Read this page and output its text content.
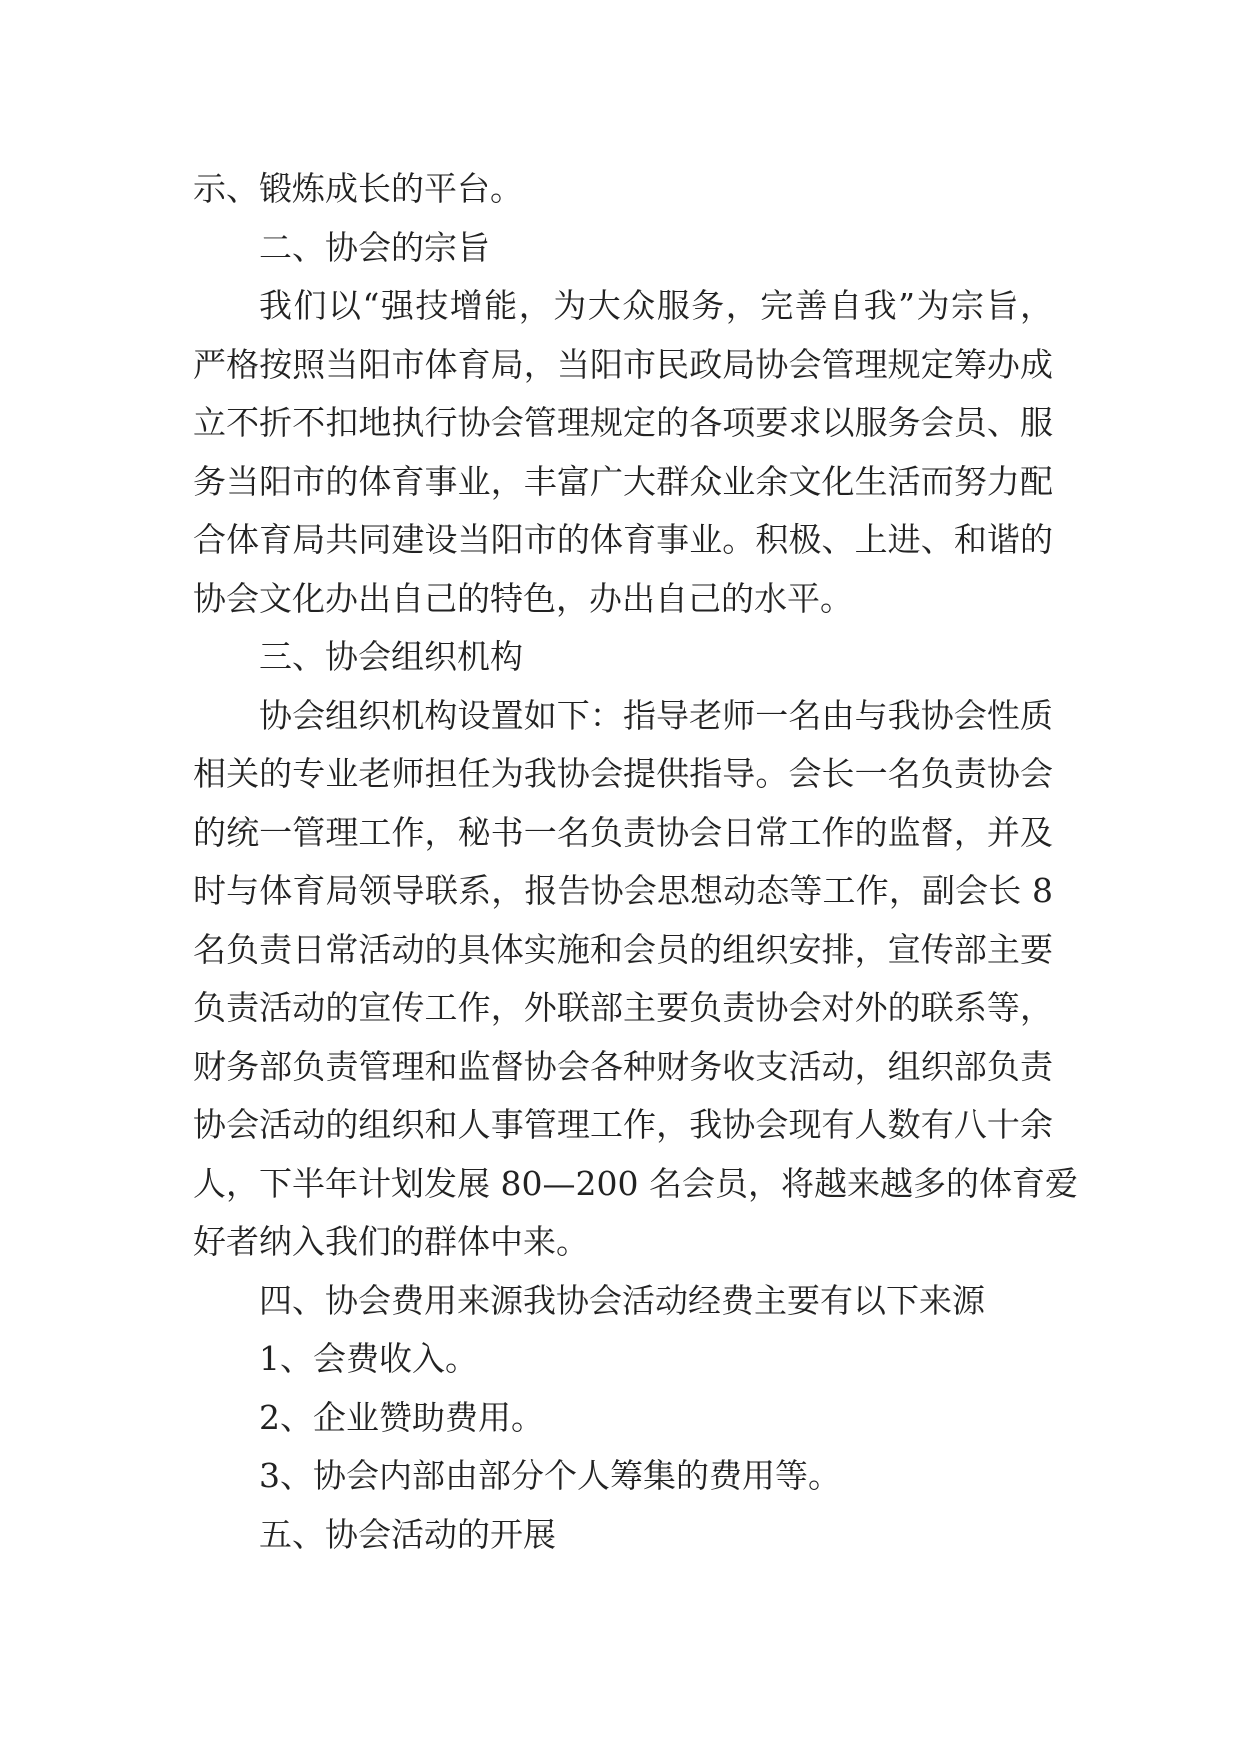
示、锻炼成长的平台。
二、协会的宗旨
我们以“强技增能，为大众服务，完善自我”为宗旨，
严格按照当阳市体育局，当阳市民政局协会管理规定筹办成
立不折不扣地执行协会管理规定的各项要求以服务会员、服
务当阳市的体育事业，丰富广大群众业余文化生活而努力配
合体育局共同建设当阳市的体育事业。积极、上进、和谐的
协会文化办出自己的特色，办出自己的水平。
三、协会组织机构
协会组织机构设置如下：指导老师一名由与我协会性质
相关的专业老师担任为我协会提供指导。会长一名负责协会
的统一管理工作，秘书一名负责协会日常工作的监督，并及
时与体育局领导联系，报告协会思想动态等工作，副会长 8
名负责日常活动的具体实施和会员的组织安排，宣传部主要
负责活动的宣传工作，外联部主要负责协会对外的联系等，
财务部负责管理和监督协会各种财务收支活动，组织部负责
协会活动的组织和人事管理工作，我协会现有人数有八十余
人，下半年计划发展 80—200 名会员，将越来越多的体育爱
好者纳入我们的群体中来。
四、协会费用来源我协会活动经费主要有以下来源
1、会费收入。
2、企业赞助费用。
3、协会内部由部分个人筹集的费用等。
五、协会活动的开展
